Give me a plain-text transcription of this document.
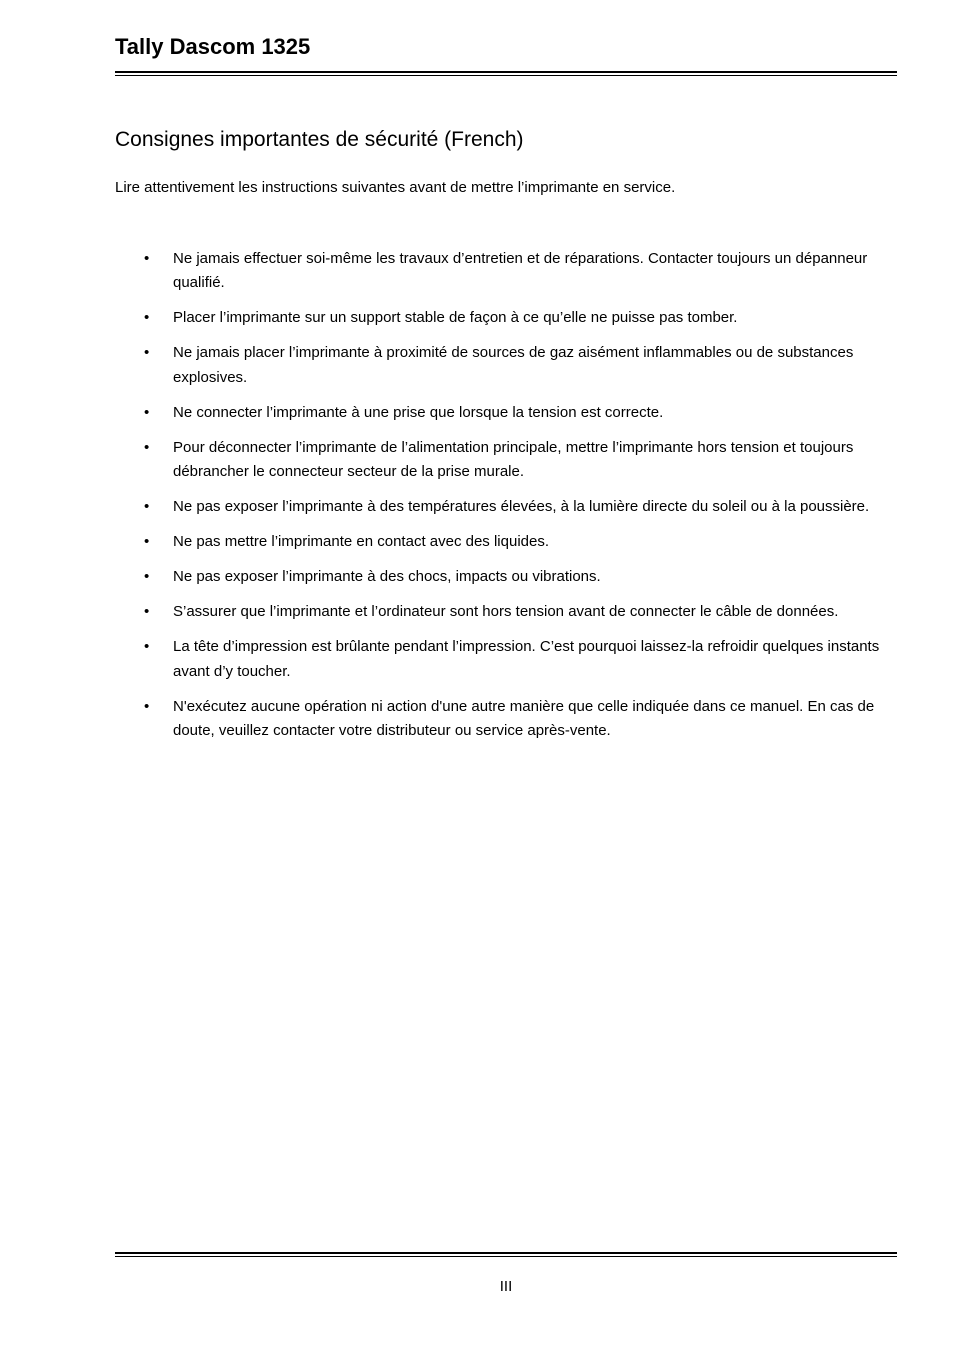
Tally Dascom 1325
Consignes importantes de sécurité (French)

Lire attentivement les instructions suivantes avant de mettre l’imprimante en service.

• Ne jamais effectuer soi-même les travaux d’entretien et de réparations. Contacter toujours un dépanneur qualifié.
• Placer l’imprimante sur un support stable de façon à ce qu’elle ne puisse pas tomber.
• Ne jamais placer l’imprimante à proximité de sources de gaz aisément inflammables ou de substances explosives.
• Ne connecter l’imprimante à une prise que lorsque la tension est correcte.
• Pour déconnecter l’imprimante de l’alimentation principale, mettre l’imprimante hors tension et toujours débrancher le connecteur secteur de la prise murale.
• Ne pas exposer l’imprimante à des températures élevées, à la lumière directe du soleil ou à la poussière.
• Ne pas mettre l’imprimante en contact avec des liquides.
• Ne pas exposer l’imprimante à des chocs, impacts ou vibrations.
• S’assurer que l’imprimante et l’ordinateur sont hors tension avant de connecter le câble de données.
• La tête d’impression est brûlante pendant l’impression. C’est pourquoi laissez-la refroidir quelques instants avant d’y toucher.
• N'exécutez aucune opération ni action d'une autre manière que celle indiquée dans ce manuel. En cas de doute, veuillez contacter votre distributeur ou service après-vente.
III
